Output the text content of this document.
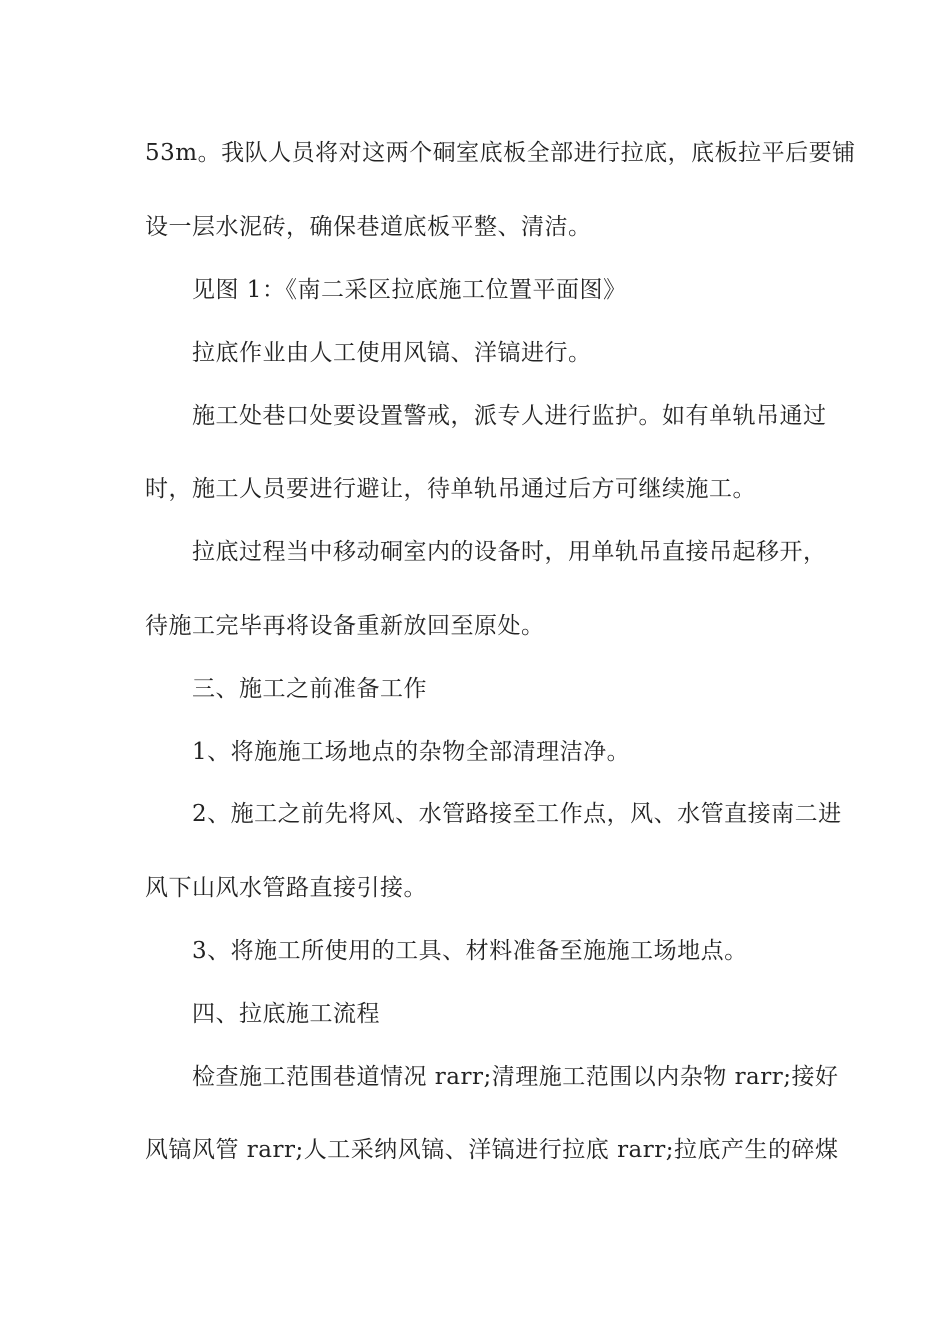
53m。我队人员将对这两个硐室底板全部进行拉底，底板拉平后要铺
设一层水泥砖，确保巷道底板平整、清洁。
见图 1：《南二采区拉底施工位置平面图》
拉底作业由人工使用风镐、洋镐进行。
施工处巷口处要设置警戒，派专人进行监护。如有单轨吊通过
时，施工人员要进行避让，待单轨吊通过后方可继续施工。
拉底过程当中移动硐室内的设备时，用单轨吊直接吊起移开，
待施工完毕再将设备重新放回至原处。
三、施工之前准备工作
1、将施施工场地点的杂物全部清理洁净。
2、施工之前先将风、水管路接至工作点，风、水管直接南二进
风下山风水管路直接引接。
3、将施工所使用的工具、材料准备至施施工场地点。
四、拉底施工流程
检查施工范围巷道情况 rarr;清理施工范围以内杂物 rarr;接好
风镐风管 rarr;人工采纳风镐、洋镐进行拉底 rarr;拉底产生的碎煤
